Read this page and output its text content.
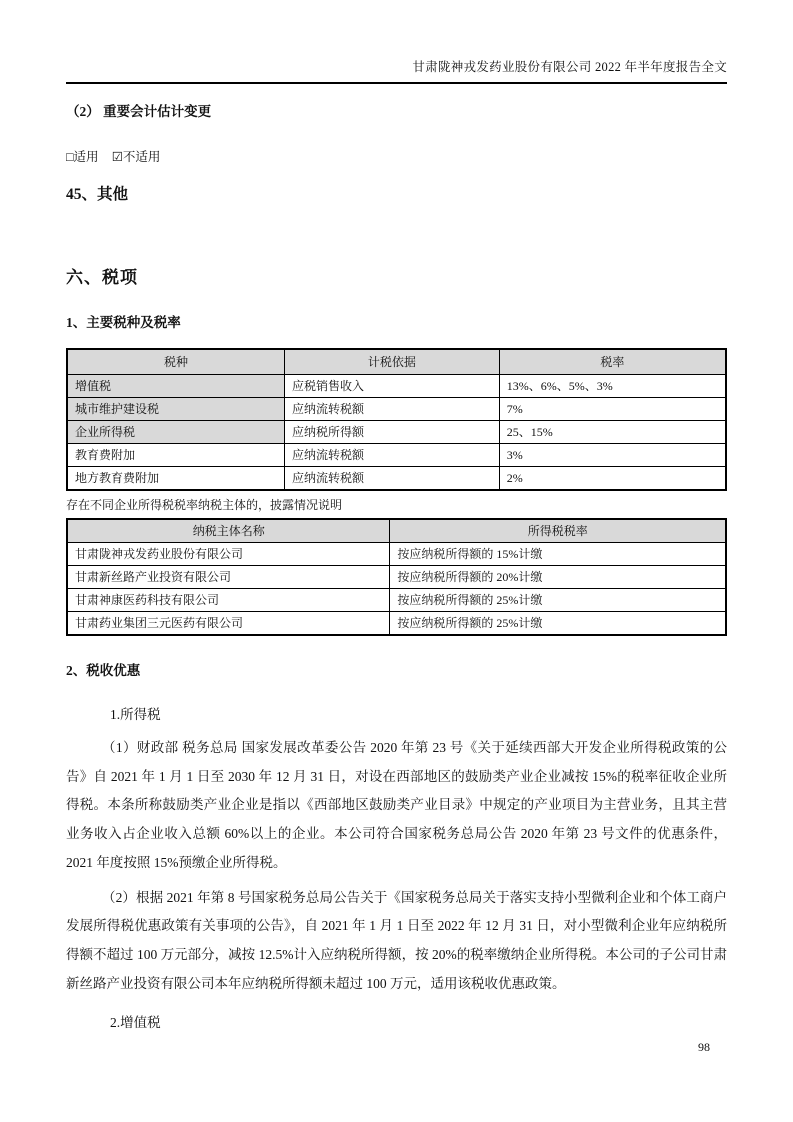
甘肃陇神戎发药业股份有限公司 2022 年半年度报告全文
（2） 重要会计估计变更
□适用 ☑不适用
45、其他
六、税项
1、主要税种及税率
税种	计税依据	税率
增值税	应税销售收入	13%、6%、5%、3%
城市维护建设税	应纳流转税额	7%
企业所得税	应纳税所得额	25、15%
教育费附加	应纳流转税额	3%
地方教育费附加	应纳流转税额	2%
存在不同企业所得税税率纳税主体的，披露情况说明
纳税主体名称	所得税税率
甘肃陇神戎发药业股份有限公司	按应纳税所得额的 15%计缴
甘肃新丝路产业投资有限公司	按应纳税所得额的 20%计缴
甘肃神康医药科技有限公司	按应纳税所得额的 25%计缴
甘肃药业集团三元医药有限公司	按应纳税所得额的 25%计缴
2、税收优惠
1.所得税
（1）财政部 税务总局 国家发展改革委公告 2020 年第 23 号《关于延续西部大开发企业所得税政策的公告》自 2021 年 1 月 1 日至 2030 年 12 月 31 日，对设在西部地区的鼓励类产业企业减按 15%的税率征收企业所得税。本条所称鼓励类产业企业是指以《西部地区鼓励类产业目录》中规定的产业项目为主营业务，且其主营业务收入占企业收入总额 60%以上的企业。本公司符合国家税务总局公告 2020 年第 23 号文件的优惠条件，2021 年度按照 15%预缴企业所得税。
（2）根据 2021 年第 8 号国家税务总局公告关于《国家税务总局关于落实支持小型微利企业和个体工商户发展所得税优惠政策有关事项的公告》，自 2021 年 1 月 1 日至 2022 年 12 月 31 日，对小型微利企业年应纳税所得额不超过 100 万元部分，减按 12.5%计入应纳税所得额，按 20%的税率缴纳企业所得税。本公司的子公司甘肃新丝路产业投资有限公司本年应纳税所得额未超过 100 万元，适用该税收优惠政策。
2.增值税
98
